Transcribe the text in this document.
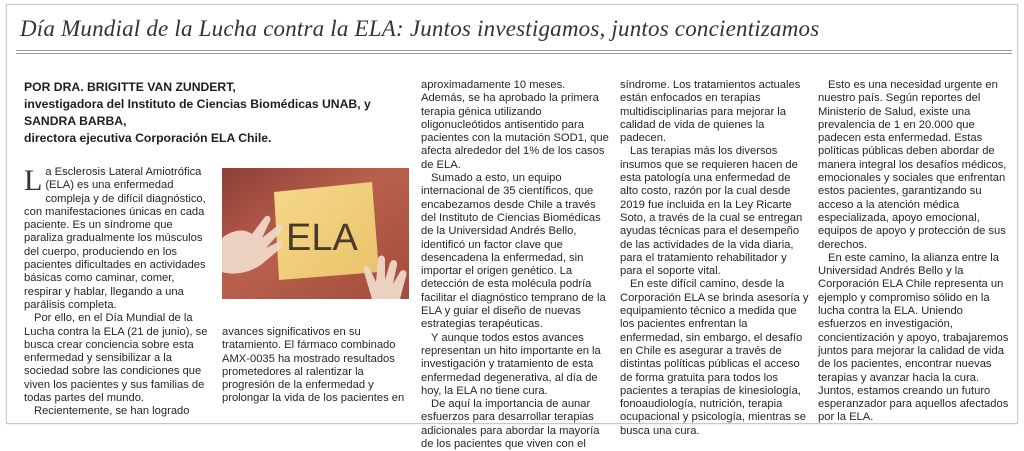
Día Mundial de la Lucha contra la ELA: Juntos investigamos, juntos concientizamos
POR DRA. BRIGITTE VAN ZUNDERT,
investigadora del Instituto de Ciencias Biomédicas UNAB, y
SANDRA BARBA,
directora ejecutiva Corporación ELA Chile.

La Esclerosis Lateral Amiotrófica (ELA) es una enfermedad compleja y de difícil diagnóstico, con manifestaciones únicas en cada paciente. Es un síndrome que paraliza gradualmente los músculos del cuerpo, produciendo en los pacientes dificultades en actividades básicas como caminar, comer, respirar y hablar, llegando a una parálisis completa.

Por ello, en el Día Mundial de la Lucha contra la ELA (21 de junio), se busca crear conciencia sobre esta enfermedad y sensibilizar a la sociedad sobre las condiciones que viven los pacientes y sus familias de todas partes del mundo.

Recientemente, se han logrado

ELA

avances significativos en su tratamiento. El fármaco combinado AMX-0035 ha mostrado resultados prometedores al ralentizar la progresión de la enfermedad y prolongar la vida de los pacientes en

aproximadamente 10 meses. Además, se ha aprobado la primera terapia génica utilizando oligonucleótidos antisentido para pacientes con la mutación SOD1, que afecta alrededor del 1% de los casos de ELA.

Sumado a esto, un equipo internacional de 35 científicos, que encabezamos desde Chile a través del Instituto de Ciencias Biomédicas de la Universidad Andrés Bello, identificó un factor clave que desencadena la enfermedad, sin importar el origen genético. La detección de esta molécula podría facilitar el diagnóstico temprano de la ELA y guiar el diseño de nuevas estrategias terapéuticas.

Y aunque todos estos avances representan un hito importante en la investigación y tratamiento de esta enfermedad degenerativa, al día de hoy, la ELA no tiene cura.

De aquí la importancia de aunar esfuerzos para desarrollar terapias adicionales para abordar la mayoría de los pacientes que viven con el

síndrome. Los tratamientos actuales están enfocados en terapias multidisciplinarias para mejorar la calidad de vida de quienes la padecen.

Las terapias más los diversos insumos que se requieren hacen de esta patología una enfermedad de alto costo, razón por la cual desde 2019 fue incluida en la Ley Ricarte Soto, a través de la cual se entregan ayudas técnicas para el desempeño de las actividades de la vida diaria, para el tratamiento rehabilitador y para el soporte vital.

En este difícil camino, desde la Corporación ELA se brinda asesoría y equipamiento técnico a medida que los pacientes enfrentan la enfermedad, sin embargo, el desafío en Chile es asegurar a través de distintas políticas públicas el acceso de forma gratuita para todos los pacientes a terapias de kinesiología, fonoaudiología, nutrición, terapia ocupacional y psicología, mientras se busca una cura.

Esto es una necesidad urgente en nuestro país. Según reportes del Ministerio de Salud, existe una prevalencia de 1 en 20.000 que padecen esta enfermedad. Estas políticas públicas deben abordar de manera integral los desafíos médicos, emocionales y sociales que enfrentan estos pacientes, garantizando su acceso a la atención médica especializada, apoyo emocional, equipos de apoyo y protección de sus derechos.

En este camino, la alianza entre la Universidad Andrés Bello y la Corporación ELA Chile representa un ejemplo y compromiso sólido en la lucha contra la ELA. Uniendo esfuerzos en investigación, concientización y apoyo, trabajaremos juntos para mejorar la calidad de vida de los pacientes, encontrar nuevas terapias y avanzar hacia la cura. Juntos, estamos creando un futuro esperanzador para aquellos afectados por la ELA.
